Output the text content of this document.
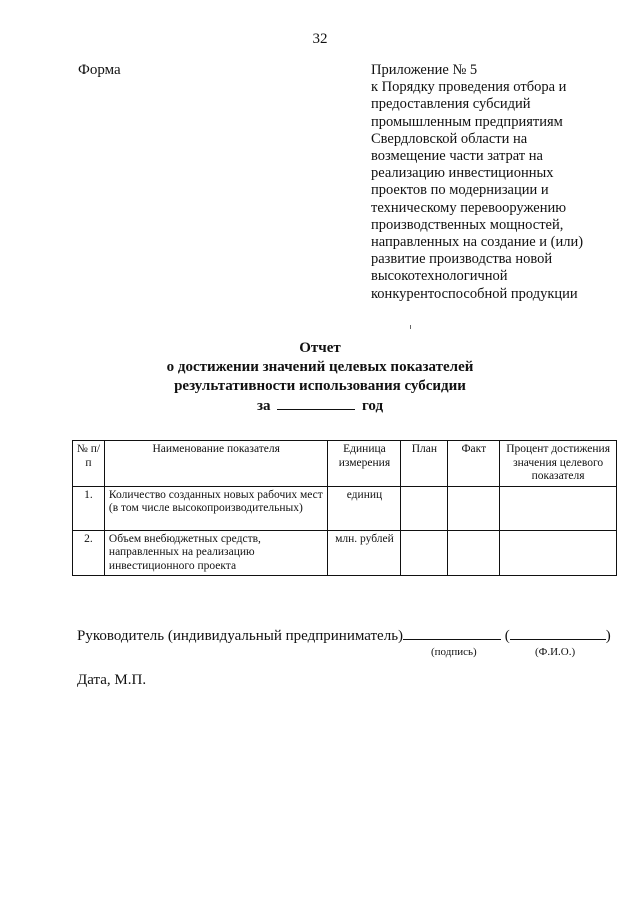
32
Форма	Приложение № 5
к Порядку проведения отбора и
предоставления субсидий
промышленным предприятиям
Свердловской области на
возмещение части затрат на
реализацию инвестиционных
проектов по модернизации и
техническому перевооружению
производственных мощностей,
направленных на создание и (или)
развитие производства новой
высокотехнологичной
конкурентоспособной продукции
Отчет
о достижении значений целевых показателей
результативности использования субсидии
за	год
№ п/п	Наименование показателя	Единица измерения	План	Факт	Процент достижения значения целевого показателя
1.	Количество созданных новых рабочих мест (в том числе высокопроизводительных)	единиц			
2.	Объем внебюджетных средств, направленных на реализацию инвестиционного проекта	млн. рублей			
Руководитель (индивидуальный предприниматель)	(	)
(подпись)	(Ф.И.О.)
Дата, М.П.
